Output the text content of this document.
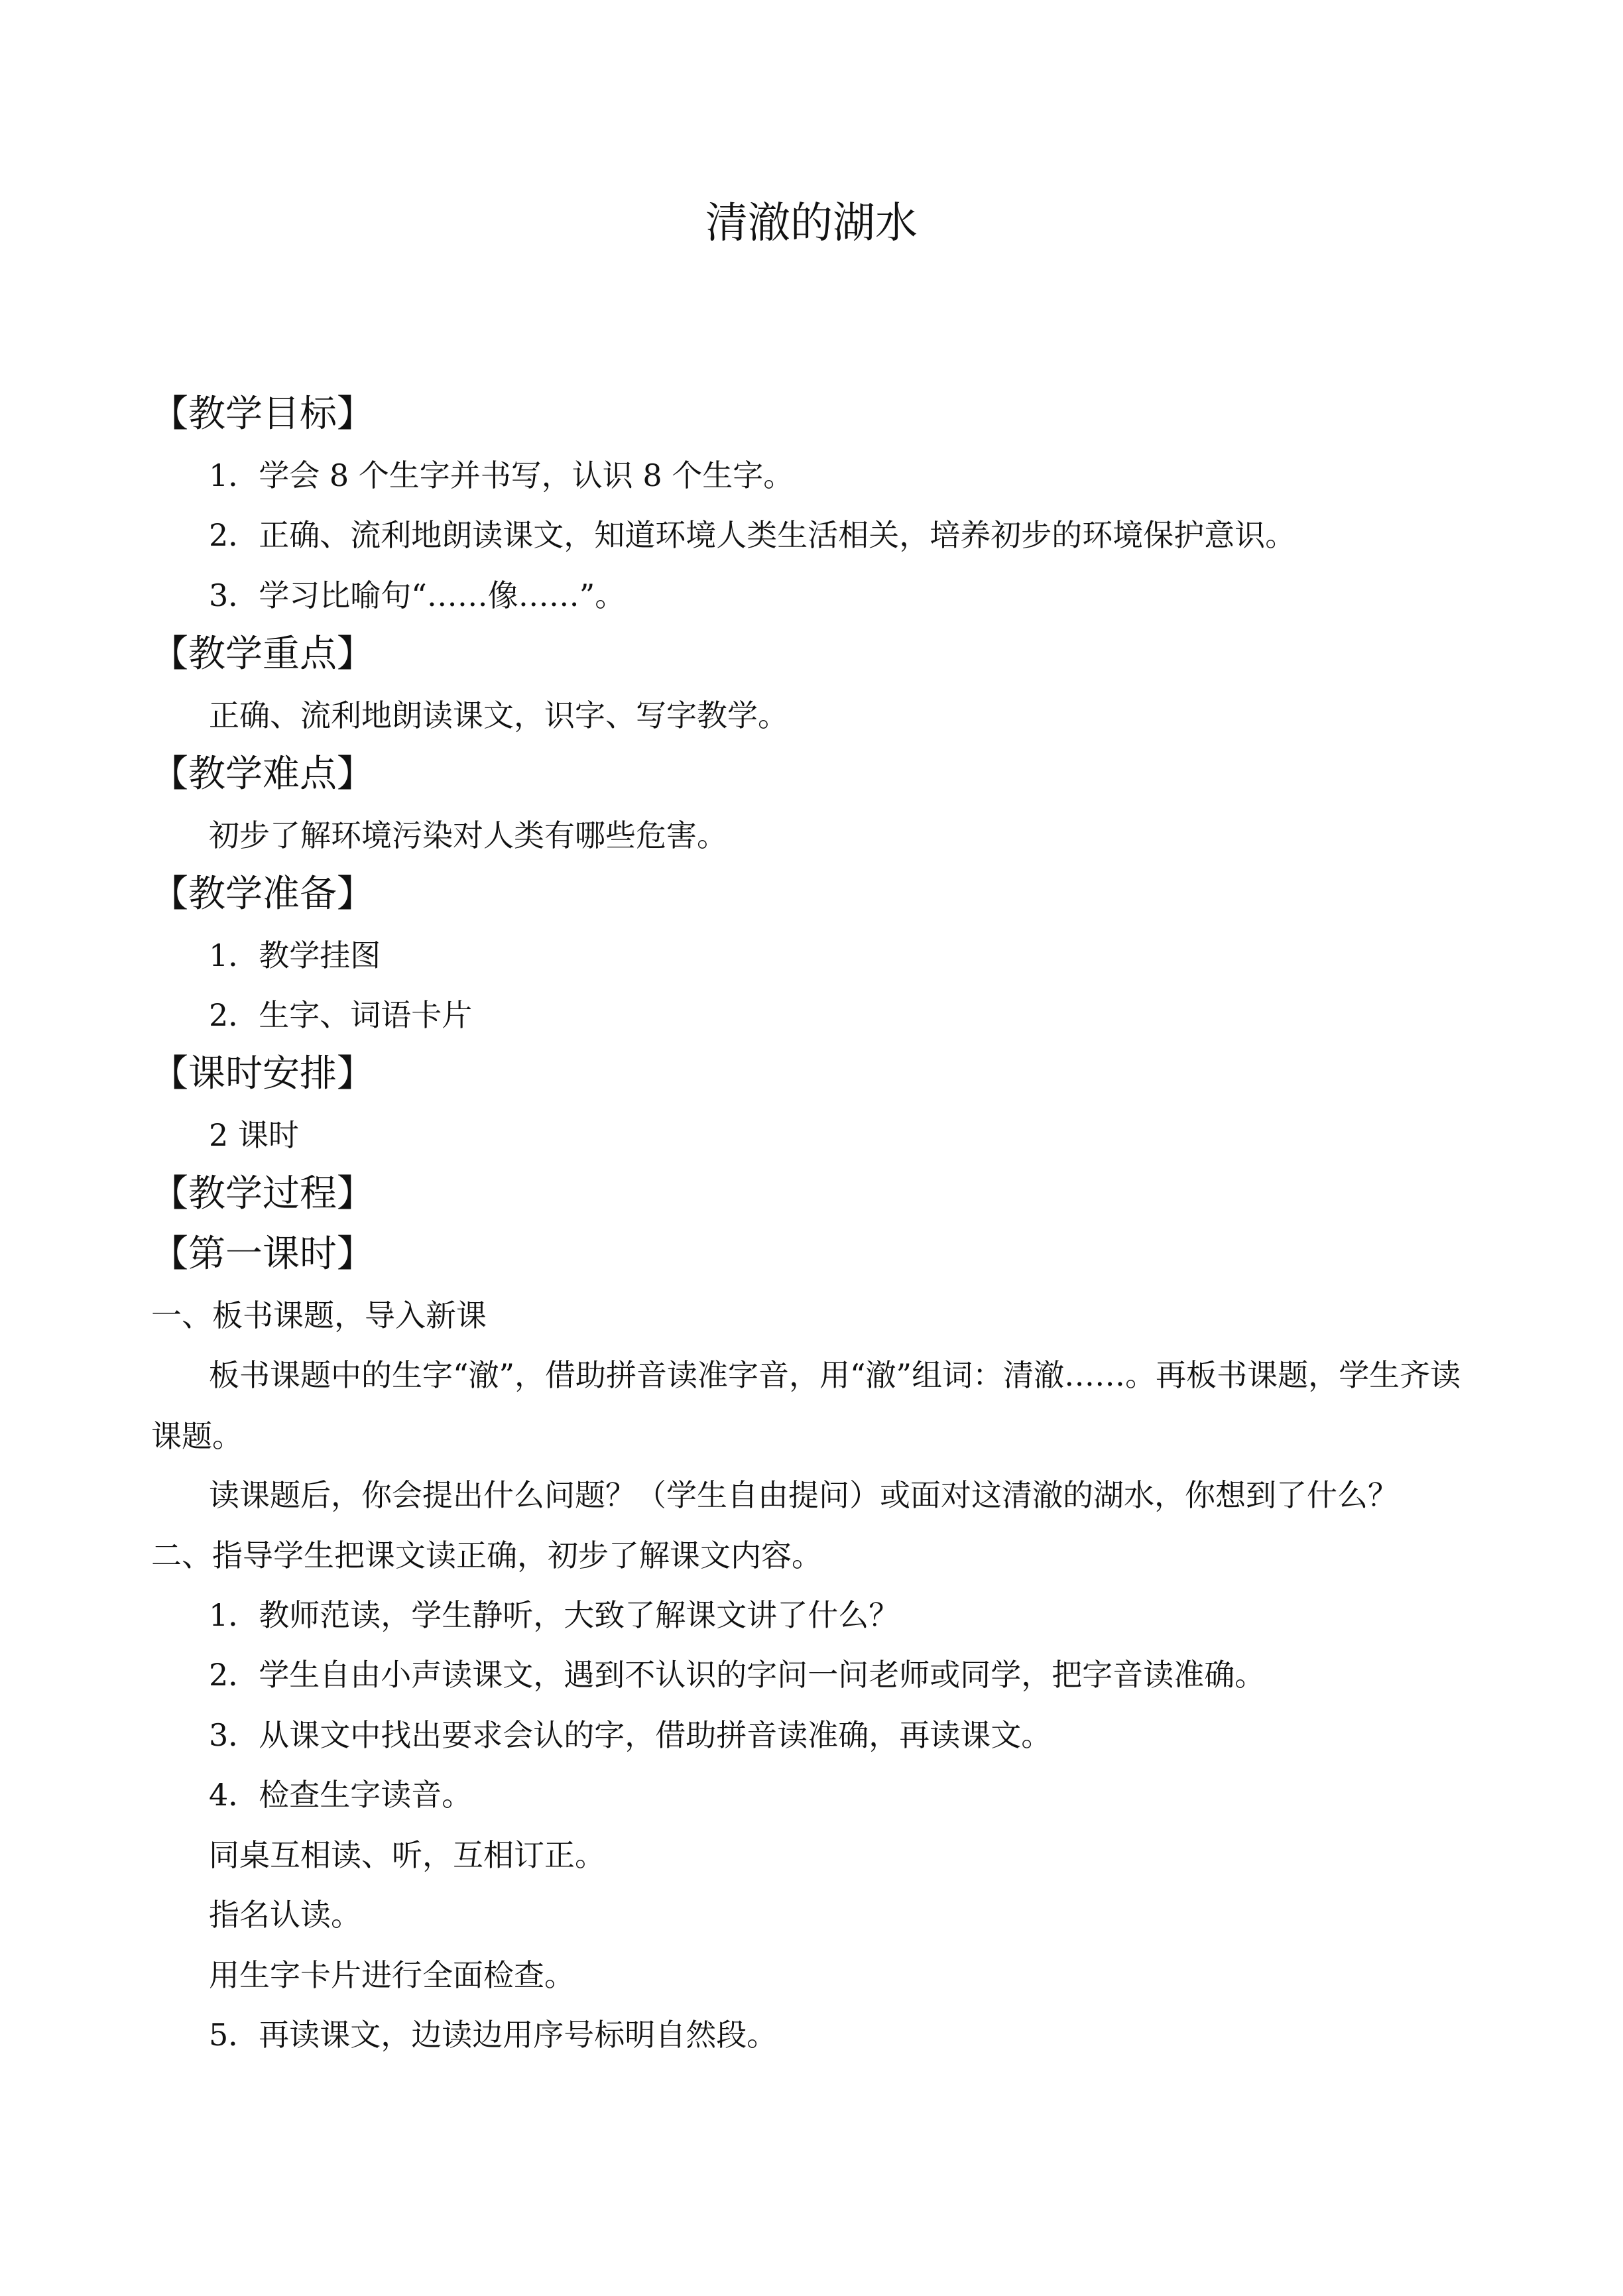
清澈的湖水
【教学目标】
1．学会 8 个生字并书写，认识 8 个生字。
2．正确、流利地朗读课文，知道环境人类生活相关，培养初步的环境保护意识。
3．学习比喻句“……像……”。
【教学重点】
正确、流利地朗读课文，识字、写字教学。
【教学难点】
初步了解环境污染对人类有哪些危害。
【教学准备】
1．教学挂图
2．生字、词语卡片
【课时安排】
2 课时
【教学过程】
【第一课时】
一、板书课题，导入新课
板书课题中的生字“澈”，借助拼音读准字音，用“澈”组词：清澈……。再板书课题，学生齐读课题。
读课题后，你会提出什么问题？（学生自由提问）或面对这清澈的湖水，你想到了什么？
二、指导学生把课文读正确，初步了解课文内容。
1．教师范读，学生静听，大致了解课文讲了什么？
2．学生自由小声读课文，遇到不认识的字问一问老师或同学，把字音读准确。
3．从课文中找出要求会认的字，借助拼音读准确，再读课文。
4．检查生字读音。
同桌互相读、听，互相订正。
指名认读。
用生字卡片进行全面检查。
5．再读课文，边读边用序号标明自然段。
